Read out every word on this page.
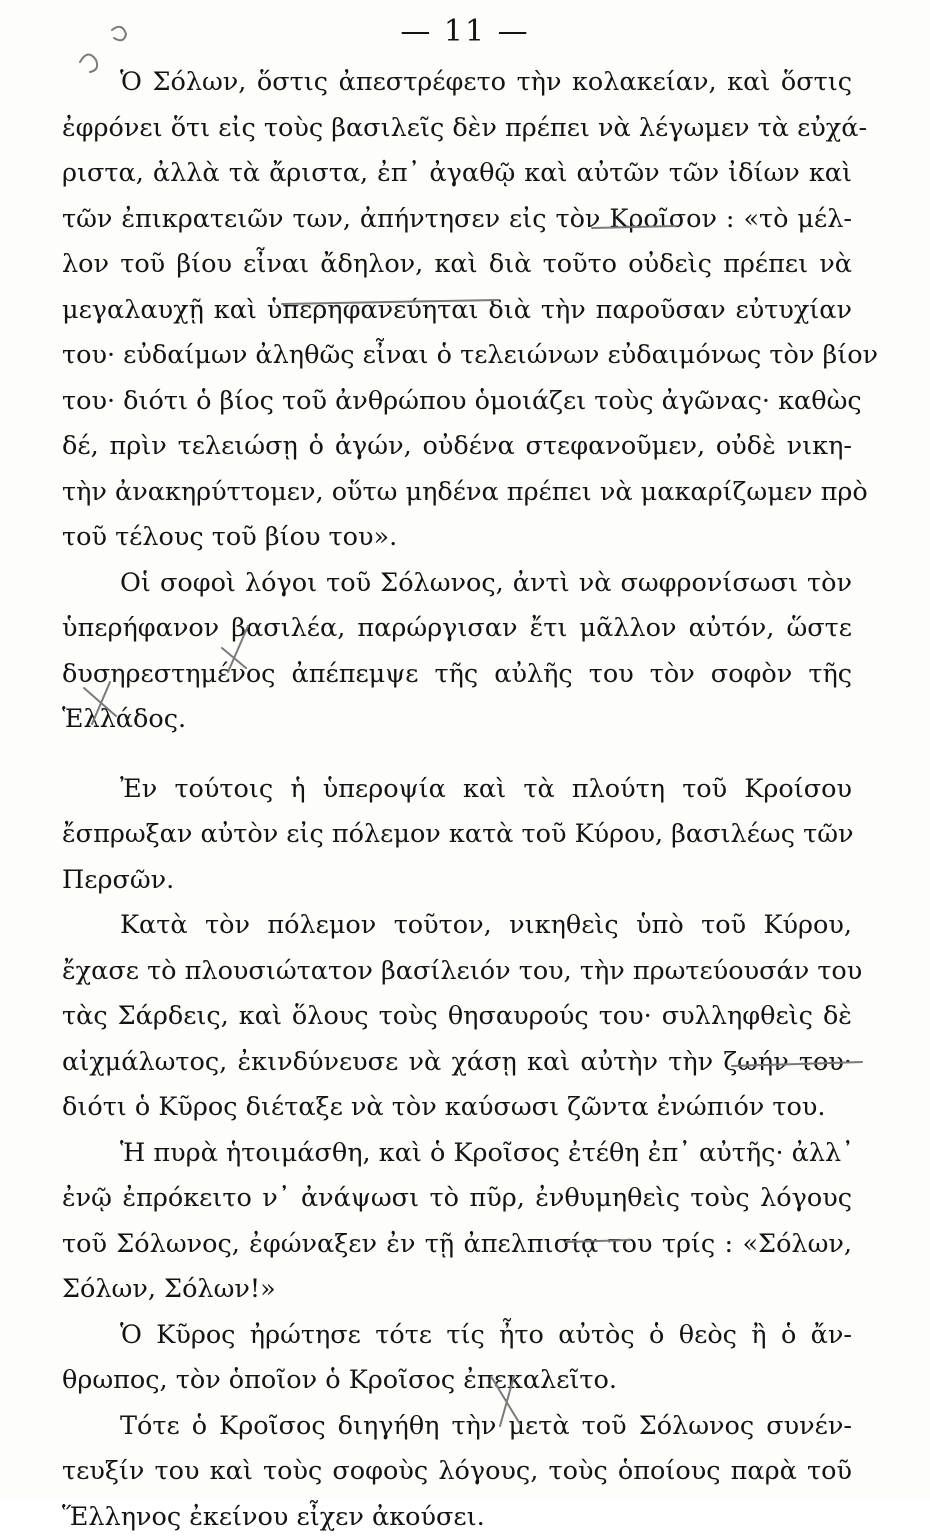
— 11 —
Ὁ Σόλων, ὅστις ἀπεστρέφετο τὴν κολακείαν, καὶ ὅστις
ἐφρόνει ὅτι εἰς τοὺς βασιλεῖς δὲν πρέπει νὰ λέγωμεν τὰ εὐχά-
ριστα, ἀλλὰ τὰ ἄριστα, ἐπ᾽ ἀγαθῷ καὶ αὐτῶν τῶν ἰδίων καὶ
τῶν ἐπικρατειῶν των, ἀπήντησεν εἰς τὸν Κροῖσον : «τὸ μέλ-
λον τοῦ βίου εἶναι ἄδηλον, καὶ διὰ τοῦτο οὐδεὶς πρέπει νὰ
μεγαλαυχῇ καὶ ὑπερηφανεύηται διὰ τὴν παροῦσαν εὐτυχίαν
του· εὐδαίμων ἀληθῶς εἶναι ὁ τελειώνων εὐδαιμόνως τὸν βίον
του· διότι ὁ βίος τοῦ ἀνθρώπου ὁμοιάζει τοὺς ἀγῶνας· καθὼς
δέ, πρὶν τελειώσῃ ὁ ἀγών, οὐδένα στεφανοῦμεν, οὐδὲ νικη-
τὴν ἀνακηρύττομεν, οὕτω μηδένα πρέπει νὰ μακαρίζωμεν πρὸ
τοῦ τέλους τοῦ βίου του».
Οἱ σοφοὶ λόγοι τοῦ Σόλωνος, ἀντὶ νὰ σωφρονίσωσι τὸν
ὑπερήφανον βασιλέα, παρώργισαν ἔτι μᾶλλον αὐτόν, ὥστε
δυσηρεστημένος ἀπέπεμψε τῆς αὐλῆς του τὸν σοφὸν τῆς
Ἑλλάδος.
Ἐν τούτοις ἡ ὑπεροψία καὶ τὰ πλούτη τοῦ Κροίσου
ἔσπρωξαν αὐτὸν εἰς πόλεμον κατὰ τοῦ Κύρου, βασιλέως τῶν
Περσῶν.
Κατὰ τὸν πόλεμον τοῦτον, νικηθεὶς ὑπὸ τοῦ Κύρου,
ἔχασε τὸ πλουσιώτατον βασίλειόν του, τὴν πρωτεύουσάν του
τὰς Σάρδεις, καὶ ὅλους τοὺς θησαυρούς του· συλληφθεὶς δὲ
αἰχμάλωτος, ἐκινδύνευσε νὰ χάσῃ καὶ αὐτὴν τὴν ζωήν του·
διότι ὁ Κῦρος διέταξε νὰ τὸν καύσωσι ζῶντα ἐνώπιόν του.
Ἡ πυρὰ ἡτοιμάσθη, καὶ ὁ Κροῖσος ἐτέθη ἐπ᾽ αὐτῆς· ἀλλ᾽
ἐνῷ ἐπρόκειτο ν᾽ ἀνάψωσι τὸ πῦρ, ἐνθυμηθεὶς τοὺς λόγους
τοῦ Σόλωνος, ἐφώναξεν ἐν τῇ ἀπελπισίᾳ του τρίς : «Σόλων,
Σόλων, Σόλων!»
Ὁ Κῦρος ἠρώτησε τότε τίς ἦτο αὐτὸς ὁ θεὸς ἢ ὁ ἄν-
θρωπος, τὸν ὁποῖον ὁ Κροῖσος ἐπεκαλεῖτο.
Τότε ὁ Κροῖσος διηγήθη τὴν μετὰ τοῦ Σόλωνος συνέν-
τευξίν του καὶ τοὺς σοφοὺς λόγους, τοὺς ὁποίους παρὰ τοῦ
Ἕλληνος ἐκείνου εἶχεν ἀκούσει.
